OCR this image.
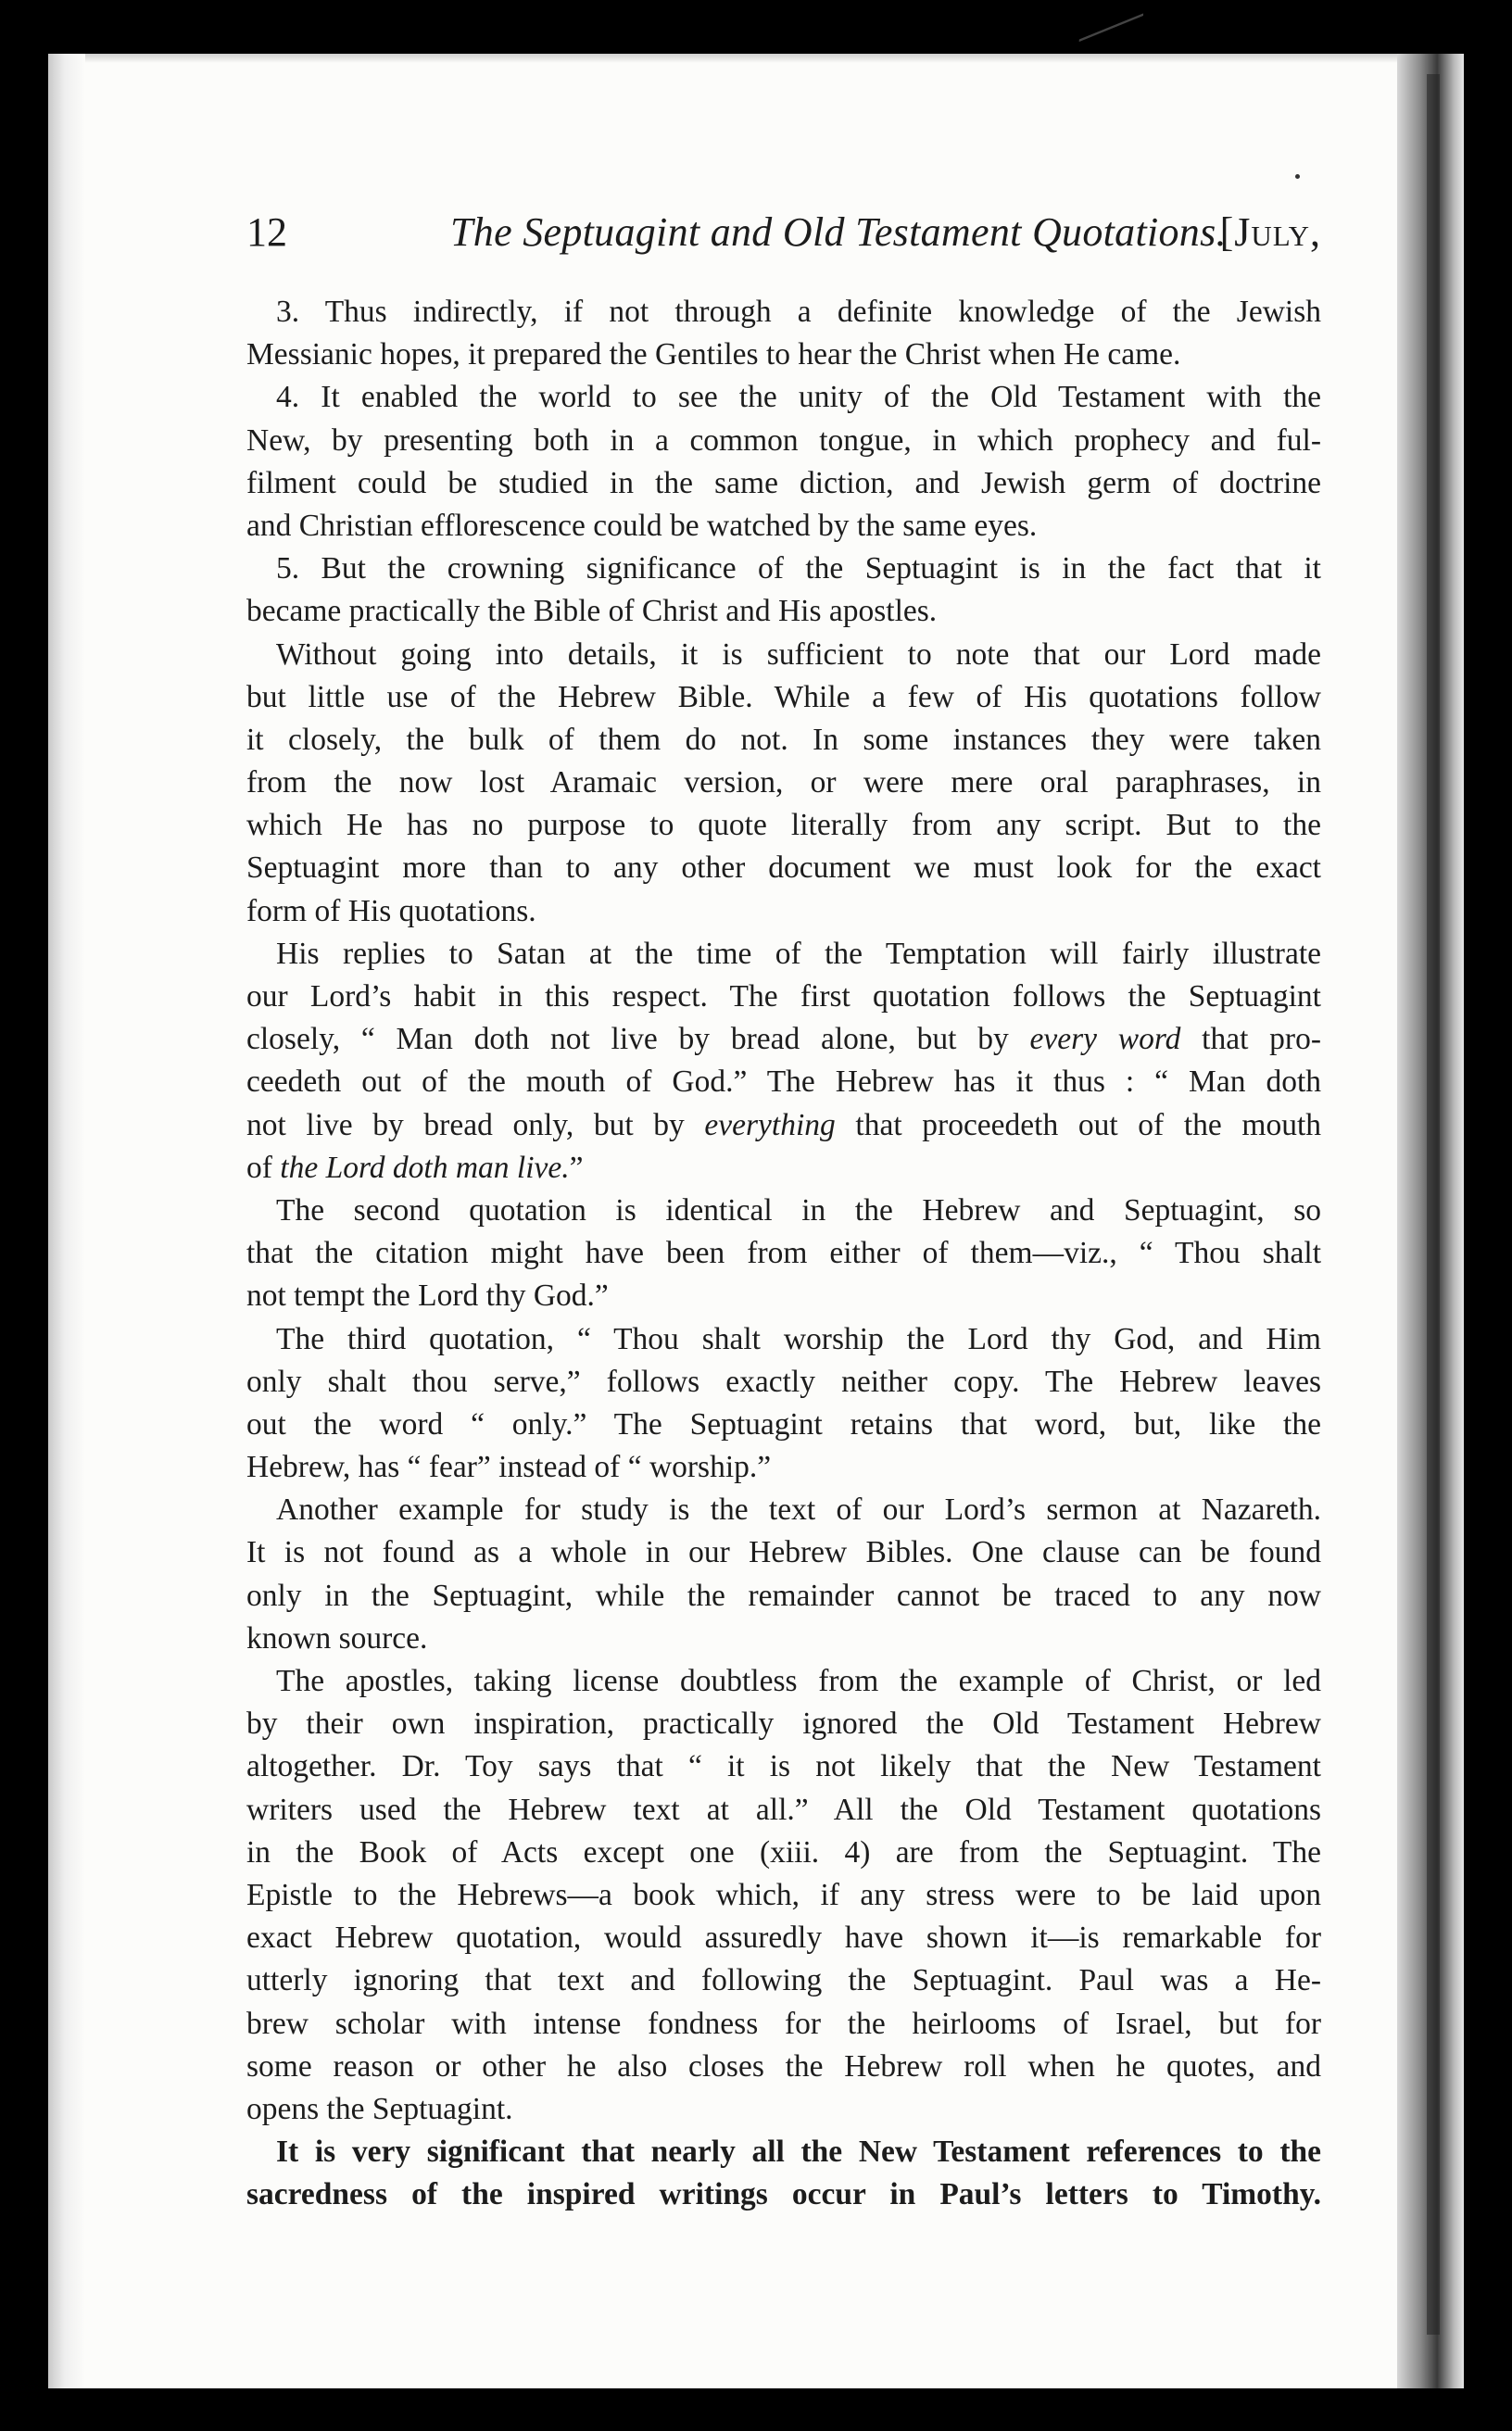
12	The Septuagint and Old Testament Quotations.
[July,
3. Thus indirectly, if not through a definite knowledge of the Jewish
Messianic hopes, it prepared the Gentiles to hear the Christ when He came.
4. It enabled the world to see the unity of the Old Testament with the
New, by presenting both in a common tongue, in which prophecy and ful-
filment could be studied in the same diction, and Jewish germ of doctrine
and Christian efflorescence could be watched by the same eyes.
5. But the crowning significance of the Septuagint is in the fact that it
became practically the Bible of Christ and His apostles.
Without going into details, it is sufficient to note that our Lord made
but little use of the Hebrew Bible. While a few of His quotations follow
it closely, the bulk of them do not. In some instances they were taken
from the now lost Aramaic version, or were mere oral paraphrases, in
which He has no purpose to quote literally from any script. But to the
Septuagint more than to any other document we must look for the exact
form of His quotations.
His replies to Satan at the time of the Temptation will fairly illustrate
our Lord’s habit in this respect. The first quotation follows the Septuagint
closely, “ Man doth not live by bread alone, but by every word that pro-
ceedeth out of the mouth of God.” The Hebrew has it thus : “ Man doth
not live by bread only, but by everything that proceedeth out of the mouth
of the Lord doth man live.”
The second quotation is identical in the Hebrew and Septuagint, so
that the citation might have been from either of them—viz., “ Thou shalt
not tempt the Lord thy God.”
The third quotation, “ Thou shalt worship the Lord thy God, and Him
only shalt thou serve,” follows exactly neither copy. The Hebrew leaves
out the word “ only.” The Septuagint retains that word, but, like the
Hebrew, has “ fear” instead of “ worship.”
Another example for study is the text of our Lord’s sermon at Nazareth.
It is not found as a whole in our Hebrew Bibles. One clause can be found
only in the Septuagint, while the remainder cannot be traced to any now
known source.
The apostles, taking license doubtless from the example of Christ, or led
by their own inspiration, practically ignored the Old Testament Hebrew
altogether. Dr. Toy says that “ it is not likely that the New Testament
writers used the Hebrew text at all.” All the Old Testament quotations
in the Book of Acts except one (xiii. 4) are from the Septuagint. The
Epistle to the Hebrews—a book which, if any stress were to be laid upon
exact Hebrew quotation, would assuredly have shown it—is remarkable for
utterly ignoring that text and following the Septuagint. Paul was a He-
brew scholar with intense fondness for the heirlooms of Israel, but for
some reason or other he also closes the Hebrew roll when he quotes, and
opens the Septuagint.
It is very significant that nearly all the New Testament references to the
sacredness of the inspired writings occur in Paul’s letters to Timothy.
